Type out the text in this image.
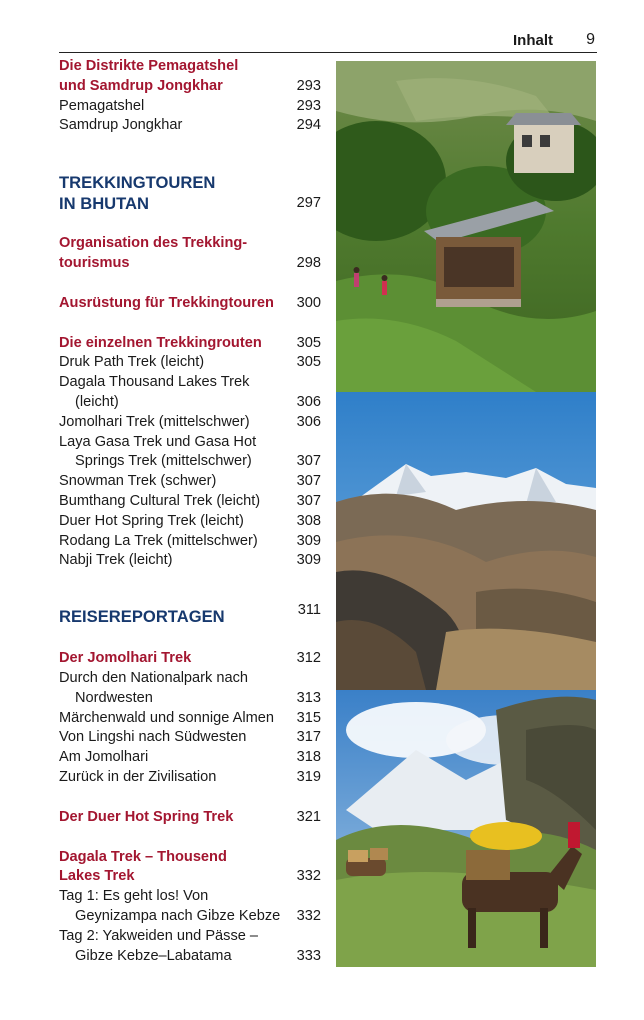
Inhalt 9
Die Distrikte Pemagatshel
und Samdrup Jongkhar	293
Pemagatshel	293
Samdrup Jongkhar	294
TREKKINGTOUREN
IN BHUTAN	297
Organisation des Trekking-
tourismus	298
Ausrüstung für Trekkingtouren	300
Die einzelnen Trekkingrouten	305
Druk Path Trek (leicht)	305
Dagala Thousand Lakes Trek
(leicht)	306
Jomolhari Trek (mittelschwer)	306
Laya Gasa Trek und Gasa Hot
Springs Trek (mittelschwer)	307
Snowman Trek (schwer)	307
Bumthang Cultural Trek (leicht)	307
Duer Hot Spring Trek (leicht)	308
Rodang La Trek (mittelschwer)	309
Nabji Trek (leicht)	309
REISEREPORTAGEN	311
Der Jomolhari Trek	312
Durch den Nationalpark nach
Nordwesten	313
Märchenwald und sonnige Almen	315
Von Lingshi nach Südwesten	317
Am Jomolhari	318
Zurück in der Zivilisation	319
Der Duer Hot Spring Trek	321
Dagala Trek – Thousend
Lakes Trek	332
Tag 1: Es geht los! Von
Geynizampa nach Gibze Kebze	332
Tag 2: Yakweiden und Pässe –
Gibze Kebze–Labatama	333
